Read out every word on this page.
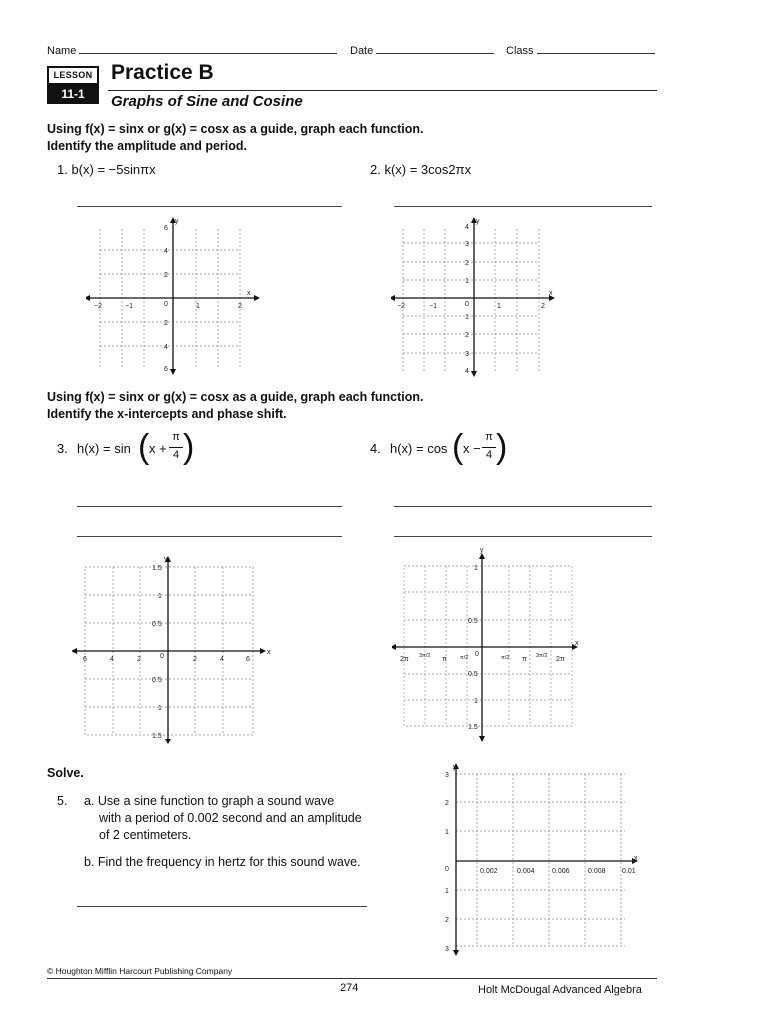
Name	Date	Class
LESSON
11-1
Practice B
Graphs of Sine and Cosine
Using f(x) = sinx or g(x) = cosx as a guide, graph each function.
Identify the amplitude and period.
1. b(x) = −5sinπx	2. k(x) = 3cos2πx
x
y
−2	−1	0	1	2
6
4
2
2
4
6
x
y
−2	−1	0	1	2
4
3
2
1
1
2
3
4
Using f(x) = sinx or g(x) = cosx as a guide, graph each function.
Identify the x-intercepts and phase shift.
3. h(x) = sin ( x +
π
4 )	4. h(x) = cos ( x −
π
4 )
x
y
6	4	2	0	2	4	6
1.5
1
0.5
0.5
1
1.5
x
y
2π 3π/2 π π/2 0	π/2 π 3π/2 2π
1
0.5
0.5
1
1.5
Solve.
5. a. Use a sine function to graph a sound wave
with a period of 0.002 second and an amplitude
of 2 centimeters.
b. Find the frequency in hertz for this sound wave.	x
y
0.002	0.004 0.006	0.008 0.01
3
2
1
0
1
2
3
© Houghton Mifflin Harcourt Publishing Company
274	Holt McDougal Advanced Algebra
